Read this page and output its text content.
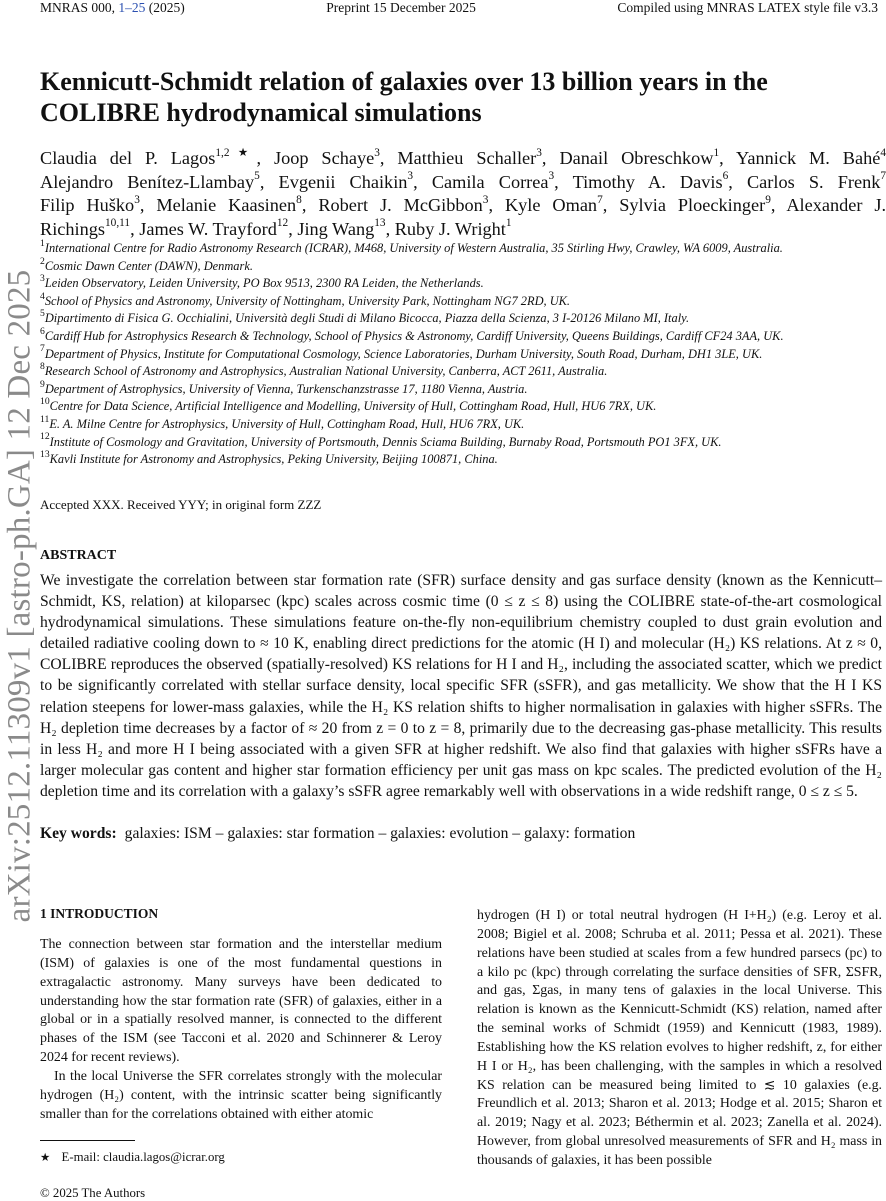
MNRAS 000, 1–25 (2025)	Preprint 15 December 2025	Compiled using MNRAS LATEX style file v3.3
arXiv:2512.11309v1 [astro-ph.GA] 12 Dec 2025
Kennicutt-Schmidt relation of galaxies over 13 billion years in the COLIBRE hydrodynamical simulations
Claudia del P. Lagos$^{1,2★}$, Joop Schaye$^3$, Matthieu Schaller$^3$, Danail Obreschkow$^1$, Yannick M. Bahé$^4$
Alejandro Benítez-Llambay$^5$, Evgenii Chaikin$^3$, Camila Correa$^3$, Timothy A. Davis$^6$, Carlos S. Frenk$^7$
Filip Huško$^3$, Melanie Kaasinen$^8$, Robert J. McGibbon$^3$, Kyle Oman$^7$, Sylvia Ploeckinger$^9$, Alexander J.
Richings$^{10,11}$, James W. Trayford$^{12}$, Jing Wang$^{13}$, Ruby J. Wright$^1$
$^1$International Centre for Radio Astronomy Research (ICRAR), M468, University of Western Australia, 35 Stirling Hwy, Crawley, WA 6009, Australia.
$^2$Cosmic Dawn Center (DAWN), Denmark.
$^3$Leiden Observatory, Leiden University, PO Box 9513, 2300 RA Leiden, the Netherlands.
$^4$School of Physics and Astronomy, University of Nottingham, University Park, Nottingham NG7 2RD, UK.
$^5$Dipartimento di Fisica G. Occhialini, Università degli Studi di Milano Bicocca, Piazza della Scienza, 3 I-20126 Milano MI, Italy.
$^6$Cardiff Hub for Astrophysics Research & Technology, School of Physics & Astronomy, Cardiff University, Queens Buildings, Cardiff CF24 3AA, UK.
$^7$Department of Physics, Institute for Computational Cosmology, Science Laboratories, Durham University, South Road, Durham, DH1 3LE, UK.
$^8$Research School of Astronomy and Astrophysics, Australian National University, Canberra, ACT 2611, Australia.
$^9$Department of Astrophysics, University of Vienna, Turkenschanzstrasse 17, 1180 Vienna, Austria.
$^{10}$Centre for Data Science, Artificial Intelligence and Modelling, University of Hull, Cottingham Road, Hull, HU6 7RX, UK.
$^{11}$E. A. Milne Centre for Astrophysics, University of Hull, Cottingham Road, Hull, HU6 7RX, UK.
$^{12}$Institute of Cosmology and Gravitation, University of Portsmouth, Dennis Sciama Building, Burnaby Road, Portsmouth PO1 3FX, UK.
$^{13}$Kavli Institute for Astronomy and Astrophysics, Peking University, Beijing 100871, China.
Accepted XXX. Received YYY; in original form ZZZ
ABSTRACT
We investigate the correlation between star formation rate (SFR) surface density and gas surface density (known as the Kennicutt–Schmidt, KS, relation) at kiloparsec (kpc) scales across cosmic time (0 ≤ z ≤ 8) using the COLIBRE state-of-the-art cosmological hydrodynamical simulations. These simulations feature on-the-fly non-equilibrium chemistry coupled to dust grain evolution and detailed radiative cooling down to ≈ 10 K, enabling direct predictions for the atomic (H I) and molecular (H₂) KS relations. At z ≈ 0, COLIBRE reproduces the observed (spatially-resolved) KS relations for H I and H₂, including the associated scatter, which we predict to be significantly correlated with stellar surface density, local specific SFR (sSFR), and gas metallicity. We show that the H I KS relation steepens for lower-mass galaxies, while the H₂ KS relation shifts to higher normalisation in galaxies with higher sSFRs. The H₂ depletion time decreases by a factor of ≈ 20 from z = 0 to z = 8, primarily due to the decreasing gas-phase metallicity. This results in less H₂ and more H I being associated with a given SFR at higher redshift. We also find that galaxies with higher sSFRs have a larger molecular gas content and higher star formation efficiency per unit gas mass on kpc scales. The predicted evolution of the H₂ depletion time and its correlation with a galaxy’s sSFR agree remarkably well with observations in a wide redshift range, 0 ≤ z ≤ 5.
Key words: galaxies: ISM – galaxies: star formation – galaxies: evolution – galaxy: formation
1 INTRODUCTION

The connection between star formation and the interstellar medium (ISM) of galaxies is one of the most fundamental questions in extragalactic astronomy. Many surveys have been dedicated to understanding how the star formation rate (SFR) of galaxies, either in a global or in a spatially resolved manner, is connected to the different phases of the ISM (see Tacconi et al. 2020 and Schinnerer & Leroy 2024 for recent reviews).

In the local Universe the SFR correlates strongly with the molecular hydrogen (H₂) content, with the intrinsic scatter being significantly smaller than for the correlations obtained with either atomic

hydrogen (H I) or total neutral hydrogen (H I+H₂) (e.g. Leroy et al. 2008; Bigiel et al. 2008; Schruba et al. 2011; Pessa et al. 2021). These relations have been studied at scales from a few hundred parsecs (pc) to a kilo pc (kpc) through correlating the surface densities of SFR, ΣSFR, and gas, Σgas, in many tens of galaxies in the local Universe. This relation is known as the Kennicutt-Schmidt (KS) relation, named after the seminal works of Schmidt (1959) and Kennicutt (1983, 1989). Establishing how the KS relation evolves to higher redshift, z, for either H I or H₂, has been challenging, with the samples in which a resolved KS relation can be measured being limited to ≲ 10 galaxies (e.g. Freundlich et al. 2013; Sharon et al. 2013; Hodge et al. 2015; Sharon et al. 2019; Nagy et al. 2023; Béthermin et al. 2023; Zanella et al. 2024). However, from global unresolved measurements of SFR and H₂ mass in thousands of galaxies, it has been possible

★ E-mail: claudia.lagos@icrar.org
© 2025 The Authors
